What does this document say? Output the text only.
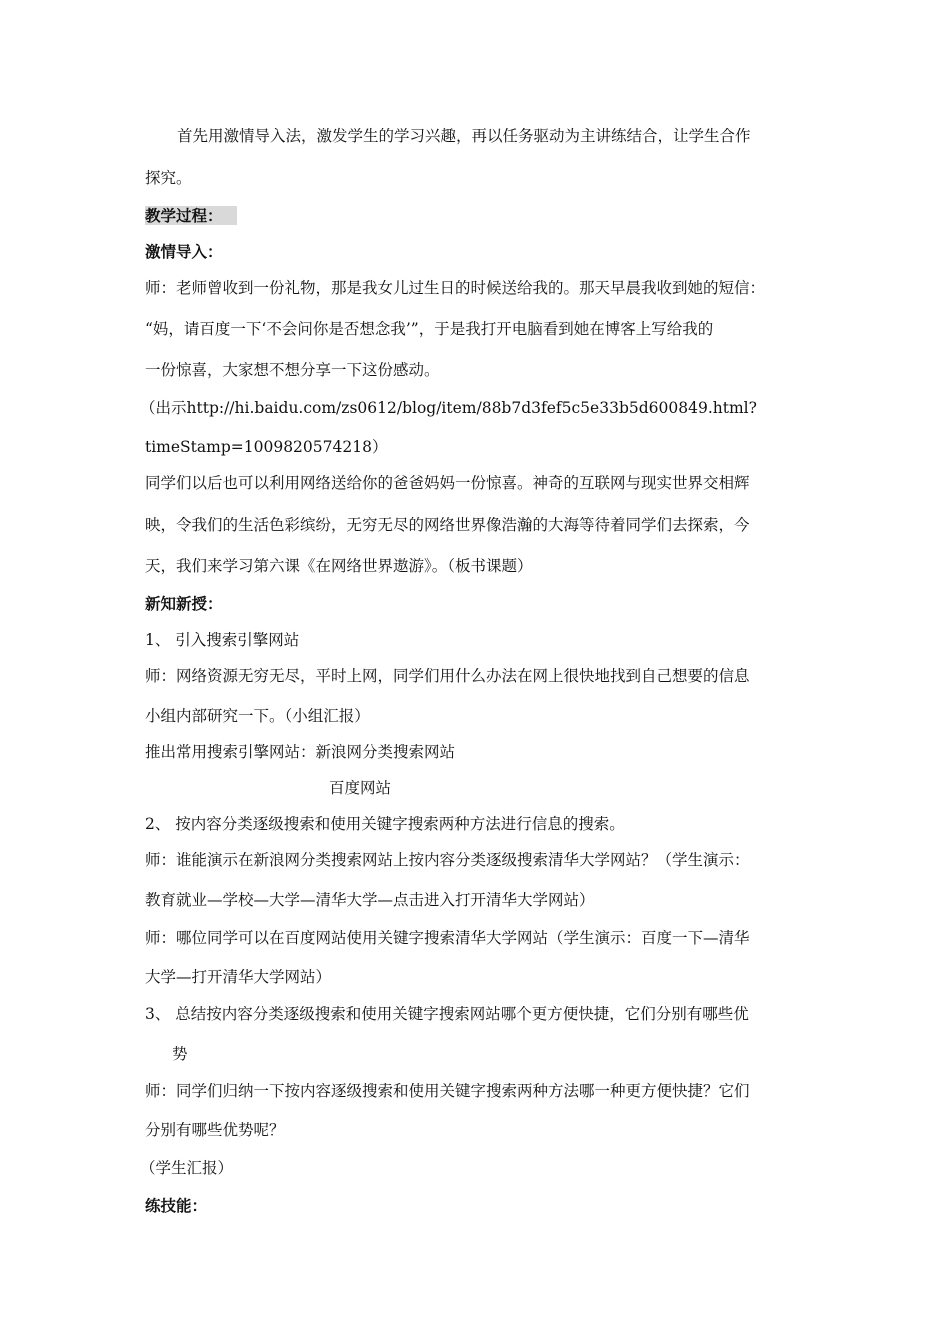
首先用激情导入法，激发学生的学习兴趣，再以任务驱动为主讲练结合，让学生合作
探究。
教学过程：
激情导入：
师：老师曾收到一份礼物，那是我女儿过生日的时候送给我的。那天早晨我收到她的短信：
“妈，请百度一下‘不会问你是否想念我’”，于是我打开电脑看到她在博客上写给我的
一份惊喜，大家想不想分享一下这份感动。
（出示http://hi.baidu.com/zs0612/blog/item/88b7d3fef5c5e33b5d600849.html?
timeStamp=1009820574218）
同学们以后也可以利用网络送给你的爸爸妈妈一份惊喜。神奇的互联网与现实世界交相辉
映，令我们的生活色彩缤纷，无穷无尽的网络世界像浩瀚的大海等待着同学们去探索，今
天，我们来学习第六课《在网络世界遨游》。（板书课题）
新知新授：
1、 引入搜索引擎网站
师：网络资源无穷无尽，平时上网，同学们用什么办法在网上很快地找到自己想要的信息
小组内部研究一下。（小组汇报）
推出常用搜索引擎网站：新浪网分类搜索网站
百度网站
2、 按内容分类逐级搜索和使用关键字搜索两种方法进行信息的搜索。
师：谁能演示在新浪网分类搜索网站上按内容分类逐级搜索清华大学网站？（学生演示：
教育就业—学校—大学—清华大学—点击进入打开清华大学网站）
师：哪位同学可以在百度网站使用关键字搜索清华大学网站（学生演示：百度一下—清华
大学—打开清华大学网站）
3、 总结按内容分类逐级搜索和使用关键字搜索网站哪个更方便快捷，它们分别有哪些优
势
师：同学们归纳一下按内容逐级搜索和使用关键字搜索两种方法哪一种更方便快捷？它们
分别有哪些优势呢？
（学生汇报）
练技能：
